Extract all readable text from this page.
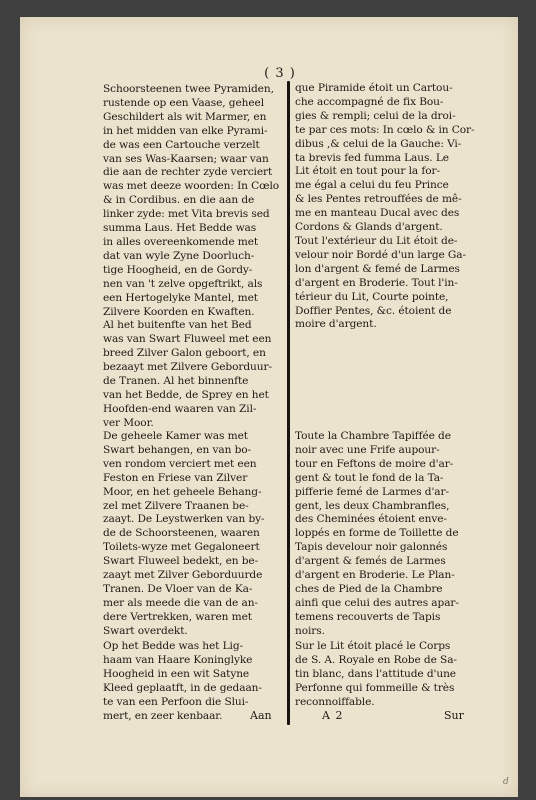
( 3 )
Schoorsteenen twee Pyramiden,
rustende op een Vaase, geheel
Geschildert als wit Marmer, en
in het midden van elke Pyrami-
de was een Cartouche verzelt
van ses Was-Kaarsen; waar van
die aan de rechter zyde verciert
was met deeze woorden: In Cœlo
& in Cordibus. en die aan de
linker zyde: met Vita brevis sed
summa Laus. Het Bedde was
in alles overeenkomende met
dat van wyle Zyne Doorluch-
tige Hoogheid, en de Gordy-
nen van 't zelve opgeftrikt, als
een Hertogelyke Mantel, met
Zilvere Koorden en Kwaften.
Al het buitenfte van het Bed
was van Swart Fluweel met een
breed Zilver Galon geboort, en
bezaayt met Zilvere Geborduur-
de Tranen. Al het binnenfte
van het Bedde, de Sprey en het
Hoofden-end waaren van Zil-
ver Moor.
De geheele Kamer was met
Swart behangen, en van bo-
ven rondom verciert met een
Feston en Friese van Zilver
Moor, en het geheele Behang-
zel met Zilvere Traanen be-
zaayt. De Leystwerken van by-
de de Schoorsteenen, waaren
Toilets-wyze met Gegaloneert
Swart Fluweel bedekt, en be-
zaayt met Zilver Geborduurde
Tranen. De Vloer van de Ka-
mer als meede die van de an-
dere Vertrekken, waren met
Swart overdekt.
Op het Bedde was het Lig-
haam van Haare Koninglyke
Hoogheid in een wit Satyne
Kleed geplaatft, in de gedaan-
te van een Perfoon die Slui-
mert, en zeer kenbaar.
que Piramide étoit un Cartou-
che accompagné de fix Bou-
gies & rempli; celui de la droi-
te par ces mots: In cœlo & in Cor-
dibus ,& celui de la Gauche: Vi-
ta brevis fed fumma Laus. Le
Lit étoit en tout pour la for-
me égal a celui du feu Prince
& les Pentes retrouffées de mê-
me en manteau Ducal avec des
Cordons & Glands d'argent.
Tout l'extérieur du Lit étoit de-
velour noir Bordé d'un large Ga-
lon d'argent & femé de Larmes
d'argent en Broderie. Tout l'in-
térieur du Lit, Courte pointe,
Doffier Pentes, &c. étoient de
moire d'argent.
Toute la Chambre Tapiffée de
noir avec une Frife aupour-
tour en Feftons de moire d'ar-
gent & tout le fond de la Ta-
pifferie femé de Larmes d'ar-
gent, les deux Chambranfles,
des Cheminées étoient enve-
loppés en forme de Toillette de
Tapis develour noir galonnés
d'argent & femés de Larmes
d'argent en Broderie. Le Plan-
ches de Pied de la Chambre
ainfi que celui des autres apar-
temens recouverts de Tapis
noirs.
Sur le Lit étoit placé le Corps
de S. A. Royale en Robe de Sa-
tin blanc, dans l'attitude d'une
Perfonne qui fommeille & très
reconnoiffable.
Aan	A 2	Sur
d
